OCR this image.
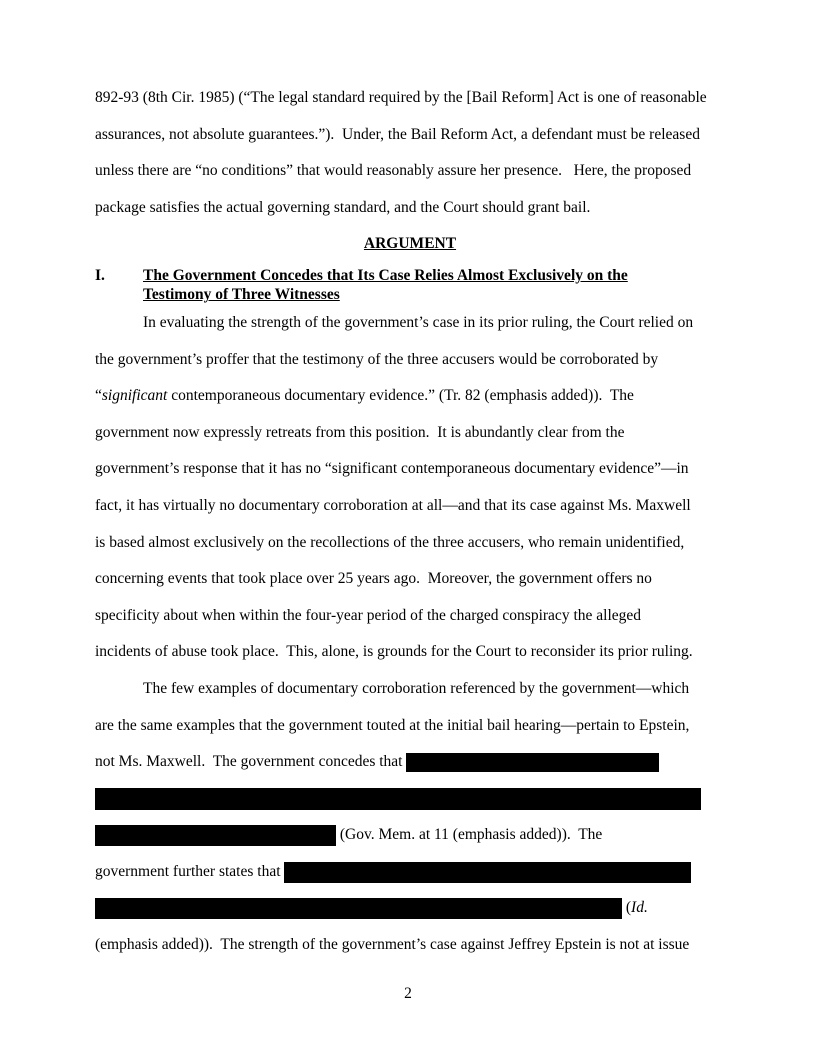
892-93 (8th Cir. 1985) (“The legal standard required by the [Bail Reform] Act is one of reasonable
assurances, not absolute guarantees.”).  Under, the Bail Reform Act, a defendant must be released
unless there are “no conditions” that would reasonably assure her presence.   Here, the proposed
package satisfies the actual governing standard, and the Court should grant bail.
ARGUMENT
I. The Government Concedes that Its Case Relies Almost Exclusively on the
Testimony of Three Witnesses
In evaluating the strength of the government’s case in its prior ruling, the Court relied on
the government’s proffer that the testimony of the three accusers would be corroborated by
“significant contemporaneous documentary evidence.” (Tr. 82 (emphasis added)).  The
government now expressly retreats from this position.  It is abundantly clear from the
government’s response that it has no “significant contemporaneous documentary evidence”—in
fact, it has virtually no documentary corroboration at all—and that its case against Ms. Maxwell
is based almost exclusively on the recollections of the three accusers, who remain unidentified,
concerning events that took place over 25 years ago.  Moreover, the government offers no
specificity about when within the four-year period of the charged conspiracy the alleged
incidents of abuse took place.  This, alone, is grounds for the Court to reconsider its prior ruling.
The few examples of documentary corroboration referenced by the government—which
are the same examples that the government touted at the initial bail hearing—pertain to Epstein,
not Ms. Maxwell.  The government concedes that
(Gov. Mem. at 11 (emphasis added)).  The
government further states that
(Id.
(emphasis added)).  The strength of the government’s case against Jeffrey Epstein is not at issue
2
